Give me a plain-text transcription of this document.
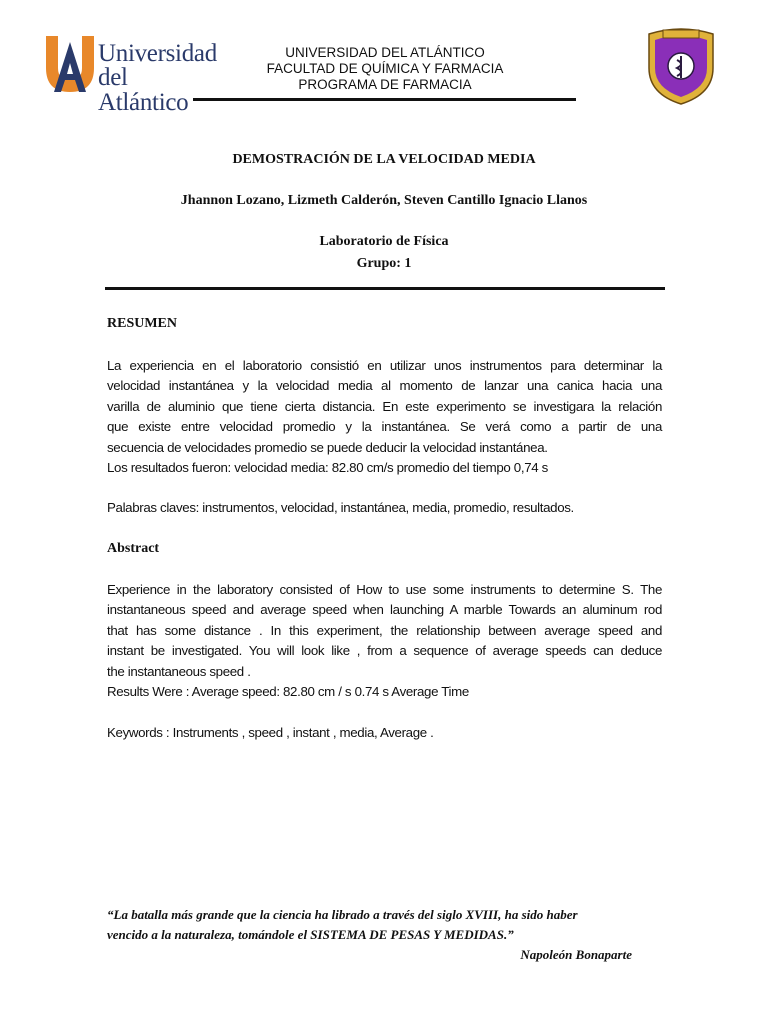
Universidad
del Atlántico
UNIVERSIDAD DEL ATLÁNTICO
FACULTAD DE QUÍMICA Y FARMACIA
PROGRAMA DE FARMACIA
DEMOSTRACIÓN DE LA VELOCIDAD MEDIA
Jhannon Lozano, Lizmeth Calderón, Steven Cantillo Ignacio Llanos
Laboratorio de Física
Grupo: 1
RESUMEN
La experiencia en el laboratorio consistió en utilizar unos instrumentos para determinar la
velocidad instantánea y la velocidad media al momento de lanzar una canica hacia una
varilla de aluminio que tiene cierta distancia. En este experimento se investigara la relación
que existe entre velocidad promedio y la instantánea. Se verá como a partir de una
secuencia de velocidades promedio se puede deducir la velocidad instantánea.
Los resultados fueron: velocidad media: 82.80 cm/s promedio del tiempo 0,74 s
Palabras claves: instrumentos, velocidad, instantánea, media, promedio, resultados.
Abstract
Experience in the laboratory consisted of How to use some instruments to determine S. The
instantaneous speed and average speed when launching A marble Towards an aluminum rod
that has some distance . In this experiment, the relationship between average speed and
instant be investigated. You will look like , from a sequence of average speeds can deduce
the instantaneous speed .
Results Were : Average speed: 82.80 cm / s 0.74 s Average Time
Keywords : Instruments , speed , instant , media, Average .
“La batalla más grande que la ciencia ha librado a través del siglo XVIII, ha sido haber
vencido a la naturaleza, tomándole el SISTEMA DE PESAS Y MEDIDAS.”
Napoleón Bonaparte
